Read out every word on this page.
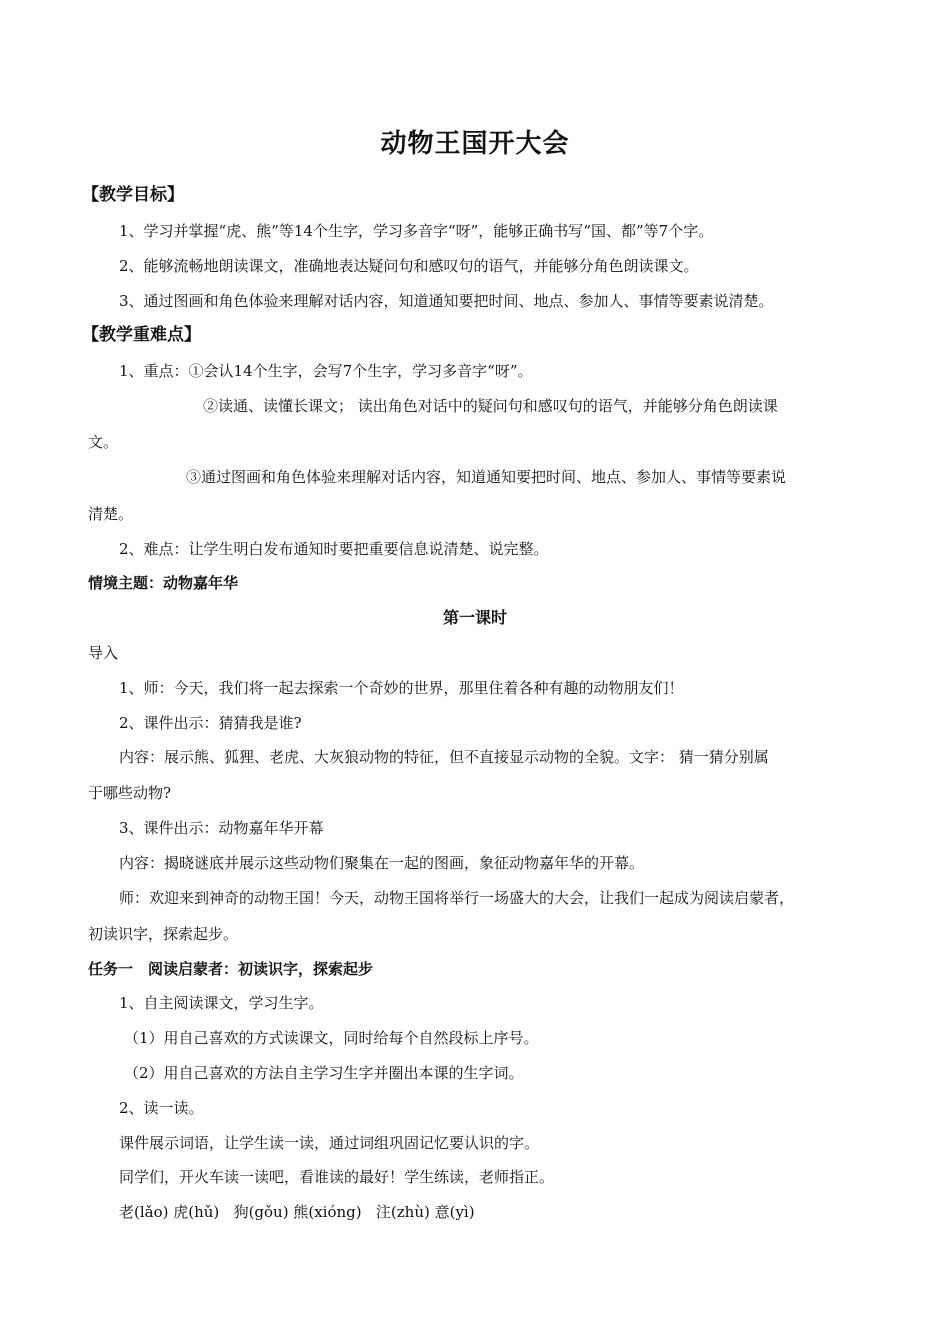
动物王国开大会
【教学目标】
1、学习并掌握“虎、熊”等14个生字，学习多音字“呀”，能够正确书写“国、都”等7个字。
2、能够流畅地朗读课文，准确地表达疑问句和感叹句的语气，并能够分角色朗读课文。
3、通过图画和角色体验来理解对话内容，知道通知要把时间、地点、参加人、事情等要素说清楚。
【教学重难点】
1、重点：①会认14个生字，会写7个生字，学习多音字“呀”。
②读通、读懂长课文； 读出角色对话中的疑问句和感叹句的语气，并能够分角色朗读课
文。
③通过图画和角色体验来理解对话内容，知道通知要把时间、地点、参加人、事情等要素说
清楚。
2、难点：让学生明白发布通知时要把重要信息说清楚、说完整。
情境主题：动物嘉年华
第一课时
导入
1、师：今天，我们将一起去探索一个奇妙的世界，那里住着各种有趣的动物朋友们！
2、课件出示：猜猜我是谁?
内容：展示熊、狐狸、老虎、大灰狼动物的特征，但不直接显示动物的全貌。文字： 猜一猜分别属
于哪些动物?
3、课件出示：动物嘉年华开幕
内容：揭晓谜底并展示这些动物们聚集在一起的图画，象征动物嘉年华的开幕。
师：欢迎来到神奇的动物王国！今天，动物王国将举行一场盛大的大会，让我们一起成为阅读启蒙者，
初读识字，探索起步。
任务一　阅读启蒙者：初读识字，探索起步
1、自主阅读课文，学习生字。
（1）用自己喜欢的方式读课文，同时给每个自然段标上序号。
（2）用自己喜欢的方法自主学习生字并圈出本课的生字词。
2、读一读。
课件展示词语，让学生读一读，通过词组巩固记忆要认识的字。
同学们，开火车读一读吧，看谁读的最好！学生练读，老师指正。
老(lǎo) 虎(hǔ)   狗(gǒu) 熊(xióng)   注(zhù) 意(yì)
